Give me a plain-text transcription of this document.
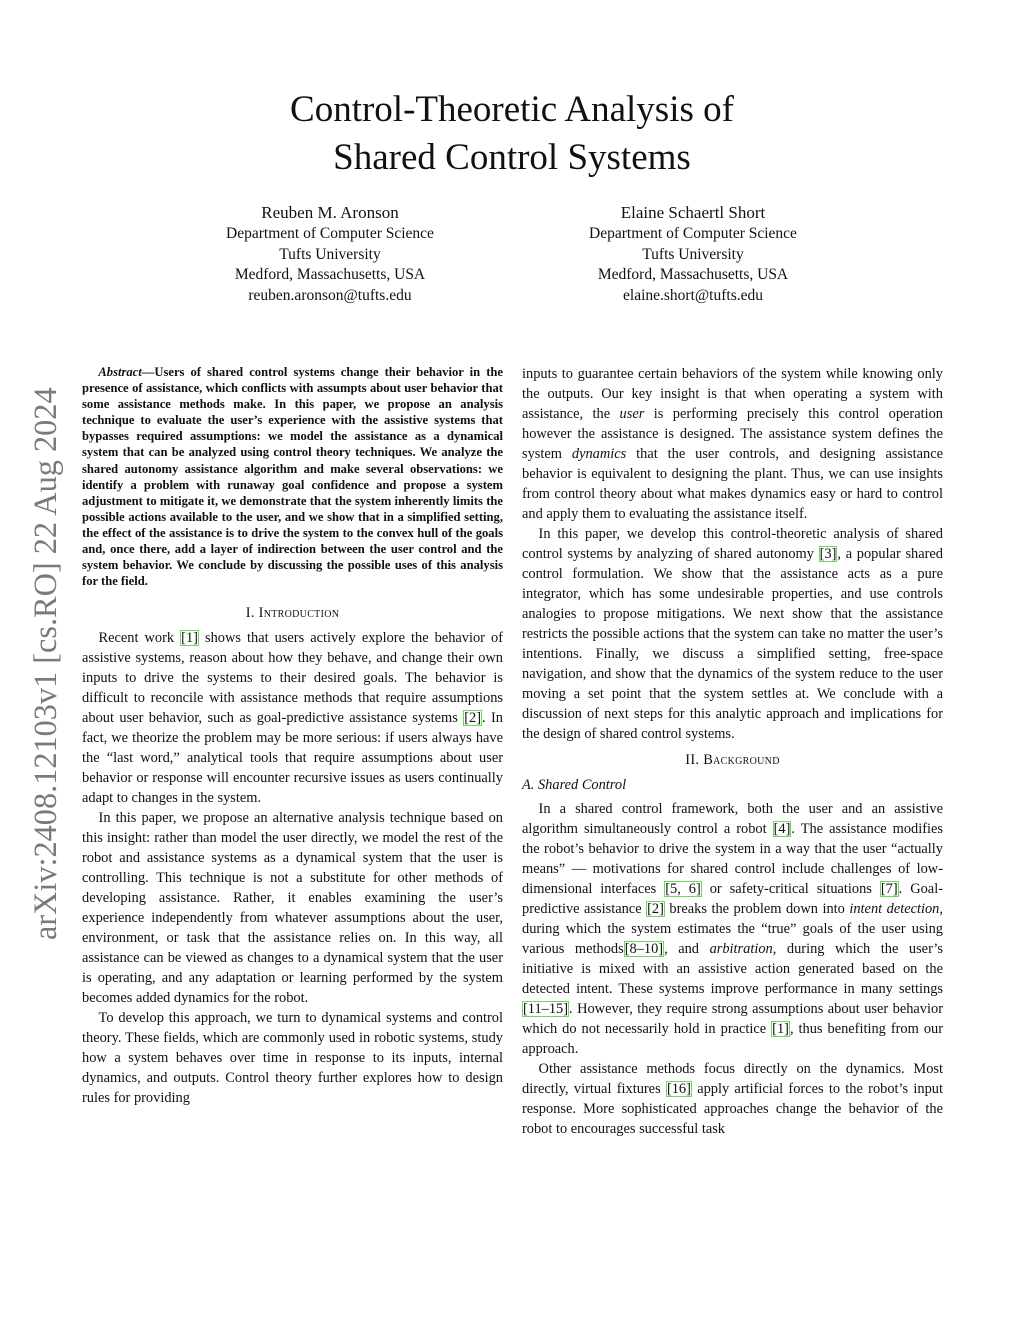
Control-Theoretic Analysis of
Shared Control Systems
Reuben M. Aronson
Department of Computer Science
Tufts University
Medford, Massachusetts, USA
reuben.aronson@tufts.edu
Elaine Schaertl Short
Department of Computer Science
Tufts University
Medford, Massachusetts, USA
elaine.short@tufts.edu
arXiv:2408.12103v1 [cs.RO] 22 Aug 2024

Abstract—Users of shared control systems change their behavior in the presence of assistance, which conflicts with assumpts about user behavior that some assistance methods make. In this paper, we propose an analysis technique to evaluate the user’s experience with the assistive systems that bypasses required assumptions: we model the assistance as a dynamical system that can be analyzed using control theory techniques. We analyze the shared autonomy assistance algorithm and make several observations: we identify a problem with runaway goal confidence and propose a system adjustment to mitigate it, we demonstrate that the system inherently limits the possible actions available to the user, and we show that in a simplified setting, the effect of the assistance is to drive the system to the convex hull of the goals and, once there, add a layer of indirection between the user control and the system behavior. We conclude by discussing the possible uses of this analysis for the field.

I. Introduction

Recent work [1] shows that users actively explore the behavior of assistive systems, reason about how they behave, and change their own inputs to drive the systems to their desired goals. The behavior is difficult to reconcile with assistance methods that require assumptions about user behavior, such as goal-predictive assistance systems [2]. In fact, we theorize the problem may be more serious: if users always have the “last word,” analytical tools that require assumptions about user behavior or response will encounter recursive issues as users continually adapt to changes in the system.

In this paper, we propose an alternative analysis technique based on this insight: rather than model the user directly, we model the rest of the robot and assistance systems as a dynamical system that the user is controlling. This technique is not a substitute for other methods of developing assistance. Rather, it enables examining the user’s experience independently from whatever assumptions about the user, environment, or task that the assistance relies on. In this way, all assistance can be viewed as changes to a dynamical system that the user is operating, and any adaptation or learning performed by the system becomes added dynamics for the robot.

To develop this approach, we turn to dynamical systems and control theory. These fields, which are commonly used in robotic systems, study how a system behaves over time in response to its inputs, internal dynamics, and outputs. Control theory further explores how to design rules for providing

inputs to guarantee certain behaviors of the system while knowing only the outputs. Our key insight is that when operating a system with assistance, the user is performing precisely this control operation however the assistance is designed. The assistance system defines the system dynamics that the user controls, and designing assistance behavior is equivalent to designing the plant. Thus, we can use insights from control theory about what makes dynamics easy or hard to control and apply them to evaluating the assistance itself.

In this paper, we develop this control-theoretic analysis of shared control systems by analyzing of shared autonomy [3], a popular shared control formulation. We show that the assistance acts as a pure integrator, which has some undesirable properties, and use controls analogies to propose mitigations. We next show that the assistance restricts the possible actions that the system can take no matter the user’s intentions. Finally, we discuss a simplified setting, free-space navigation, and show that the dynamics of the system reduce to the user moving a set point that the system settles at. We conclude with a discussion of next steps for this analytic approach and implications for the design of shared control systems.

II. Background
A. Shared Control

In a shared control framework, both the user and an assistive algorithm simultaneously control a robot [4]. The assistance modifies the robot’s behavior to drive the system in a way that the user “actually means” — motivations for shared control include challenges of low-dimensional interfaces [5, 6] or safety-critical situations [7]. Goal-predictive assistance [2] breaks the problem down into intent detection, during which the system estimates the “true” goals of the user using various methods[8–10], and arbitration, during which the user’s initiative is mixed with an assistive action generated based on the detected intent. These systems improve performance in many settings [11–15]. However, they require strong assumptions about user behavior which do not necessarily hold in practice [1], thus benefiting from our approach.

Other assistance methods focus directly on the dynamics. Most directly, virtual fixtures [16] apply artificial forces to the robot’s input response. More sophisticated approaches change the behavior of the robot to encourages successful task
